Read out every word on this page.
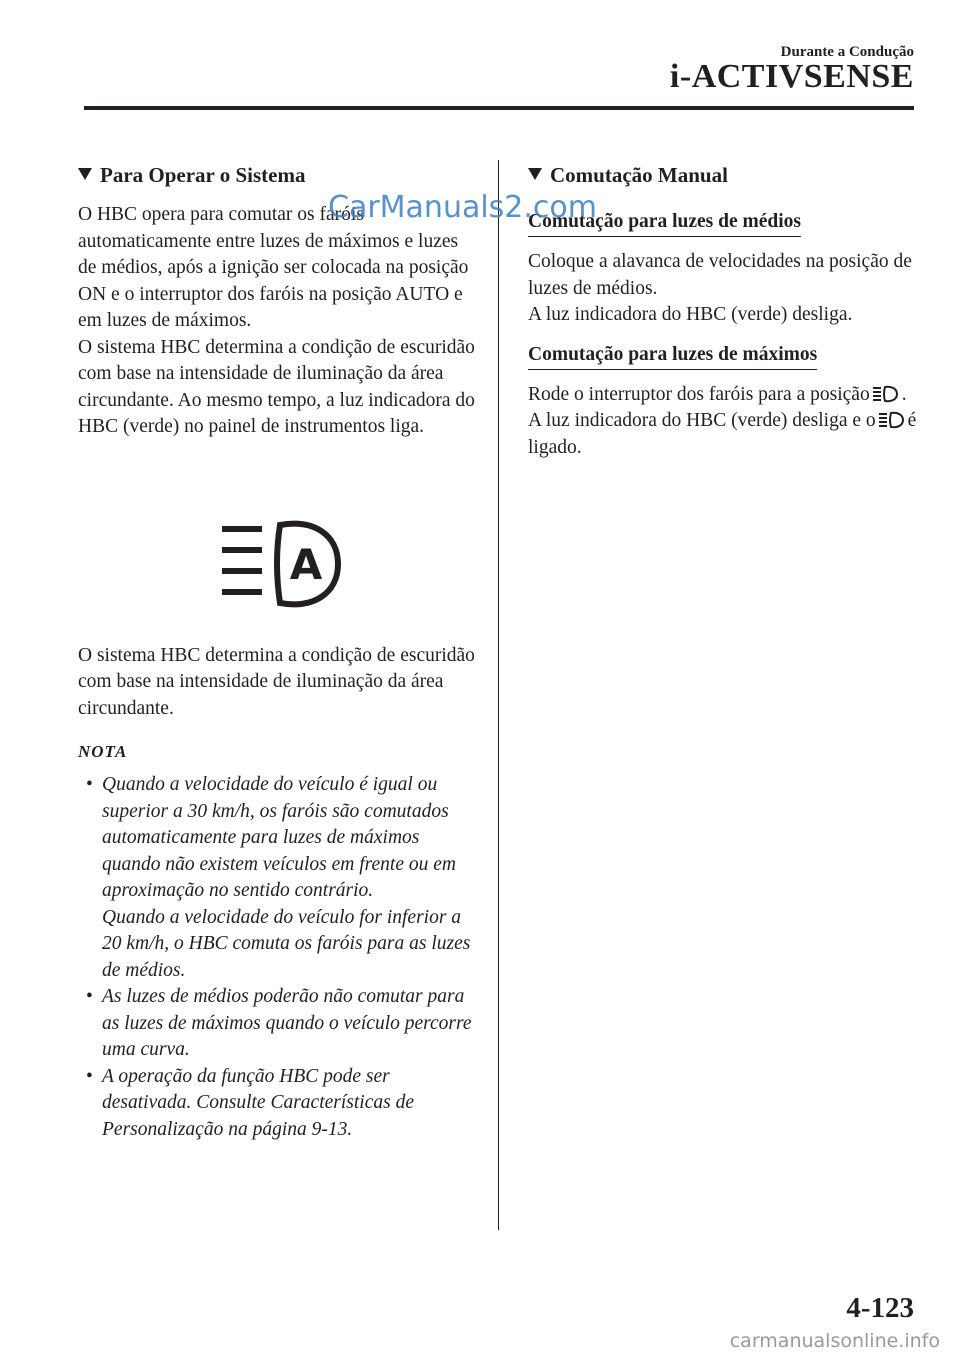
Durante a Condução
i-ACTIVSENSE
Para Operar o Sistema

O HBC opera para comutar os faróis automaticamente entre luzes de máximos e luzes de médios, após a ignição ser colocada na posição ON e o interruptor dos faróis na posição AUTO e em luzes de máximos.

O sistema HBC determina a condição de escuridão com base na intensidade de iluminação da área circundante. Ao mesmo tempo, a luz indicadora do HBC (verde) no painel de instrumentos liga.

A

O sistema HBC determina a condição de escuridão com base na intensidade de iluminação da área circundante.

NOTA
• Quando a velocidade do veículo é igual ou superior a 30 km/h, os faróis são comutados automaticamente para luzes de máximos quando não existem veículos em frente ou em aproximação no sentido contrário.
Quando a velocidade do veículo for inferior a 20 km/h, o HBC comuta os faróis para as luzes de médios.
• As luzes de médios poderão não comutar para as luzes de máximos quando o veículo percorre uma curva.
• A operação da função HBC pode ser desativada. Consulte Características de Personalização na página 9-13.
Comutação Manual
Comutação para luzes de médios

Coloque a alavanca de velocidades na posição de luzes de médios.

A luz indicadora do HBC (verde) desliga.

Comutação para luzes de máximos

Rode o interruptor dos faróis para a posição .

A luz indicadora do HBC (verde) desliga e o é ligado.

CarManuals2.com
4-123
carmanualsonline.info
